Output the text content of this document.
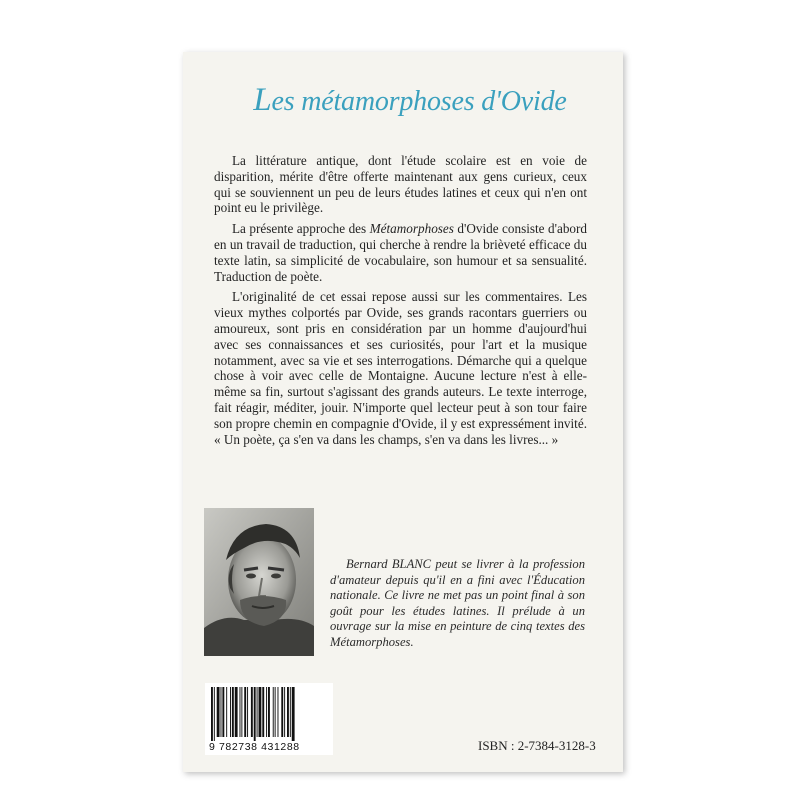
Les métamorphoses d'Ovide

La littérature antique, dont l'étude scolaire est en voie de disparition, mérite d'être offerte maintenant aux gens curieux, ceux qui se souviennent un peu de leurs études latines et ceux qui n'en ont point eu le privilège.

La présente approche des Métamorphoses d'Ovide consiste d'abord en un travail de traduction, qui cherche à rendre la brièveté efficace du texte latin, sa simplicité de vocabulaire, son humour et sa sensualité. Traduction de poète.

L'originalité de cet essai repose aussi sur les commentaires. Les vieux mythes colportés par Ovide, ses grands racontars guerriers ou amoureux, sont pris en considération par un homme d'aujourd'hui avec ses connaissances et ses curiosités, pour l'art et la musique notamment, avec sa vie et ses interrogations. Démarche qui a quelque chose à voir avec celle de Montaigne. Aucune lecture n'est à elle-même sa fin, surtout s'agissant des grands auteurs. Le texte interroge, fait réagir, méditer, jouir. N'importe quel lecteur peut à son tour faire son propre chemin en compagnie d'Ovide, il y est expressément invité. « Un poète, ça s'en va dans les champs, s'en va dans les livres... »

Bernard BLANC peut se livrer à la profession d'amateur depuis qu'il en a fini avec l'Éducation nationale. Ce livre ne met pas un point final à son goût pour les études latines. Il prélude à un ouvrage sur la mise en peinture de cinq textes des Métamorphoses.

9 782738 431288	ISBN : 2-7384-3128-3
